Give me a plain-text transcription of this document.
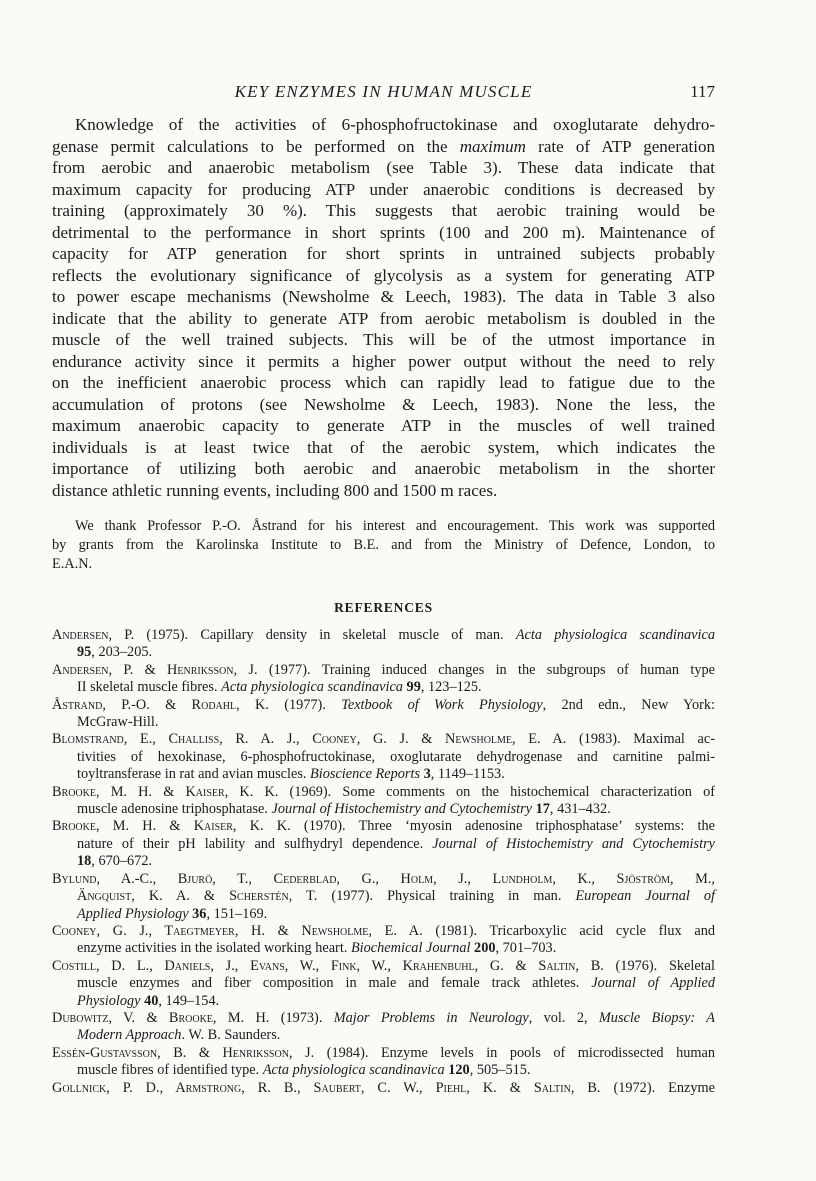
KEY ENZYMES IN HUMAN MUSCLE	117
Knowledge of the activities of 6-phosphofructokinase and oxoglutarate dehydro-
genase permit calculations to be performed on the maximum rate of ATP generation
from aerobic and anaerobic metabolism (see Table 3). These data indicate that
maximum capacity for producing ATP under anaerobic conditions is decreased by
training (approximately 30 %). This suggests that aerobic training would be
detrimental to the performance in short sprints (100 and 200 m). Maintenance of
capacity for ATP generation for short sprints in untrained subjects probably
reflects the evolutionary significance of glycolysis as a system for generating ATP
to power escape mechanisms (Newsholme & Leech, 1983). The data in Table 3 also
indicate that the ability to generate ATP from aerobic metabolism is doubled in the
muscle of the well trained subjects. This will be of the utmost importance in
endurance activity since it permits a higher power output without the need to rely
on the inefficient anaerobic process which can rapidly lead to fatigue due to the
accumulation of protons (see Newsholme & Leech, 1983). None the less, the
maximum anaerobic capacity to generate ATP in the muscles of well trained
individuals is at least twice that of the aerobic system, which indicates the
importance of utilizing both aerobic and anaerobic metabolism in the shorter
distance athletic running events, including 800 and 1500 m races.
We thank Professor P.-O. Åstrand for his interest and encouragement. This work was supported
by grants from the Karolinska Institute to B.E. and from the Ministry of Defence, London, to
E.A.N.
REFERENCES
Andersen, P. (1975). Capillary density in skeletal muscle of man. Acta physiologica scandinavica
95, 203–205.
Andersen, P. & Henriksson, J. (1977). Training induced changes in the subgroups of human type
II skeletal muscle fibres. Acta physiologica scandinavica 99, 123–125.
Åstrand, P.-O. & Rodahl, K. (1977). Textbook of Work Physiology, 2nd edn., New York:
McGraw-Hill.
Blomstrand, E., Challiss, R. A. J., Cooney, G. J. & Newsholme, E. A. (1983). Maximal ac-
tivities of hexokinase, 6-phosphofructokinase, oxoglutarate dehydrogenase and carnitine palmi-
toyltransferase in rat and avian muscles. Bioscience Reports 3, 1149–1153.
Brooke, M. H. & Kaiser, K. K. (1969). Some comments on the histochemical characterization of
muscle adenosine triphosphatase. Journal of Histochemistry and Cytochemistry 17, 431–432.
Brooke, M. H. & Kaiser, K. K. (1970). Three ‘myosin adenosine triphosphatase’ systems: the
nature of their pH lability and sulfhydryl dependence. Journal of Histochemistry and Cytochemistry
18, 670–672.
Bylund, A.-C., Bjurö, T., Cederblad, G., Holm, J., Lundholm, K., Sjöström, M.,
Ängquist, K. A. & Scherstén, T. (1977). Physical training in man. European Journal of
Applied Physiology 36, 151–169.
Cooney, G. J., Taegtmeyer, H. & Newsholme, E. A. (1981). Tricarboxylic acid cycle flux and
enzyme activities in the isolated working heart. Biochemical Journal 200, 701–703.
Costill, D. L., Daniels, J., Evans, W., Fink, W., Krahenbuhl, G. & Saltin, B. (1976). Skeletal
muscle enzymes and fiber composition in male and female track athletes. Journal of Applied
Physiology 40, 149–154.
Dubowitz, V. & Brooke, M. H. (1973). Major Problems in Neurology, vol. 2, Muscle Biopsy: A
Modern Approach. W. B. Saunders.
Essén-Gustavsson, B. & Henriksson, J. (1984). Enzyme levels in pools of microdissected human
muscle fibres of identified type. Acta physiologica scandinavica 120, 505–515.
Gollnick, P. D., Armstrong, R. B., Saubert, C. W., Piehl, K. & Saltin, B. (1972). Enzyme
